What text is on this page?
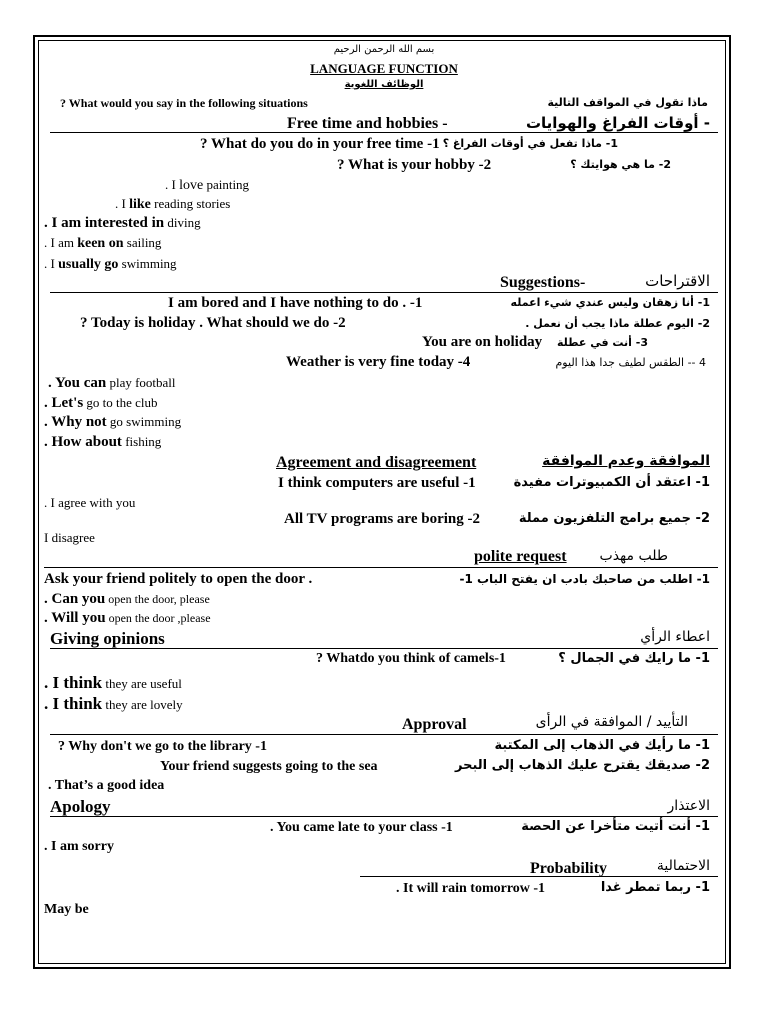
بسم الله الرحمن الرحيم
LANGUAGE FUNCTION
الوظائف اللغوية
? What would you say in the following situations	ماذا تقول في المواقف التالية
Free time and hobbies -	- أوقات الفراغ والهوايات
? What do you do in your free time -1 1- ماذا تفعل في أوقات الفراغ ؟
? What is your hobby -2	2- ما هي هوايتك ؟
. I love painting
. I like reading stories
. I am interested in diving
. I am keen on sailing
. I usually go swimming
Suggestions-	الاقتراحات
I am bored and I have nothing to do . -1	1- أنا زهقان وليس عندي شيء اعمله
? Today is holiday . What should we do -2	2- اليوم عطلة ماذا يجب أن نعمل .
You are on holiday 3- أنت في عطلة
Weather is very fine today -4	4 -- الطقس لطيف جدا هذا اليوم
. You can play football
. Let's go to the club
. Why not go swimming
. How about fishing
Agreement and disagreement	الموافقة وعدم الموافقة
I think computers are useful -1	1- اعتقد أن الكمبيوترات مفيدة
. I agree with you
All TV programs are boring -2	2- جميع برامج التلفزيون مملة
I disagree
polite request طلب مهذب
Ask your friend politely to open the door .	1- اطلب من صاحبك بادب ان يفتح الباب 1-
. Can you open the door, please
. Will you open the door ,please
Giving opinions	اعطاء الرأي
? Whatdo you think of camels-1	1- ما رايك في الجمال ؟
. I think they are useful
. I think they are lovely
Approval	التأييد / الموافقة في الرأى
? Why don't we go to the library -1	1- ما رأيك في الذهاب إلى المكتبة
Your friend suggests going to the sea	2- صديقك يقترح عليك الذهاب إلى البحر
. That’s a good idea
Apology	الاعتذار
. You came late to your class -1	1- أنت أتيت متأخرا عن الحصة
. I am sorry
Probability	الاحتمالية
. It will rain tomorrow -1	1- ربما تمطر غدا
May be
